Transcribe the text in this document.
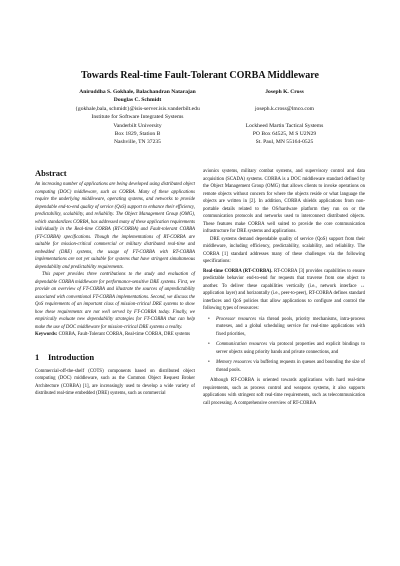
Towards Real-time Fault-Tolerant CORBA Middleware
Aniruddha S. Gokhale, Balachandran Natarajan
Douglas C. Schmidt
{gokhale,bala, schmidt}@isis-server.isis.vanderbilt.edu
Institute for Software Integrated Systems
Vanderbilt University
Box 1829, Station B
Nashville, TN 37235
Joseph K. Cross
joseph.k.cross@lmco.com
Lockheed Martin Tactical Systems
PO Box 64525, M S U2N29
St. Paul, MN 55164-0525
Abstract

An increasing number of applications are being developed using distributed object computing (DOC) middleware, such as CORBA. Many of these applications require the underlying middleware, operating systems, and networks to provide dependable end-to-end quality of service (QoS) support to enhance their efficiency, predictability, scalability, and reliability. The Object Management Group (OMG), which standardizes CORBA, has addressed many of these application requirements individually in the Real-time CORBA (RT-CORBA) and Fault-tolerant CORBA (FT-CORBA) specifications. Though the implementations of RT-CORBA are suitable for mission-critical commercial or military distributed real-time and embedded (DRE) systems, the usage of FT-CORBA with RT-CORBA implementations are not yet suitable for systems that have stringent simultaneous dependability and predictability requirements.

This paper provides three contributions to the study and evaluation of dependable CORBA middleware for performance-sensitive DRE systems. First, we provide an overview of FT-CORBA and illustrate the sources of unpredictability associated with conventional FT-CORBA implementations. Second, we discuss the QoS requirements of an important class of mission-critical DRE systems to show how these requirements are not well served by FT-CORBA today. Finally, we empirically evaluate new dependability strategies for FT-CORBA that can help make the use of DOC middleware for mission-critical DRE systems a reality.

Keywords: CORBA, Fault-Tolerant CORBA, Real-time CORBA, DRE systems

1 Introduction

Commercial-off-the-shelf (COTS) components based on distributed object computing (DOC) middleware, such as the Common Object Request Broker Architecture (CORBA) [1], are increasingly used to develop a wide variety of distributed real-time embedded (DRE) systems, such as commercial

avionics systems, military combat systems, and supervisory control and data acquisition (SCADA) systems. CORBA is a DOC middleware standard defined by the Object Management Group (OMG) that allows clients to invoke operations on remote objects without concern for where the objects reside or what language the objects are written in [2]. In addition, CORBA shields applications from non-portable details related to the OS/hardware platform they run on or the communication protocols and networks used to interconnect distributed objects. These features make CORBA well suited to provide the core communication infrastructure for DRE systems and applications.

DRE systems demand dependable quality of service (QoS) support from their middleware, including efficiency, predictability, scalability, and reliability. The CORBA [1] standard addresses many of these challenges via the following specifications:

Real-time CORBA (RT-CORBA). RT-CORBA [3] provides capabilities to ensure predictable behavior end-to-end for requests that traverse from one object to another. To deliver these capabilities vertically (i.e., network interface ↔ application layer) and horizontally (i.e., peer-to-peer), RT-CORBA defines standard interfaces and QoS policies that allow applications to configure and control the following types of resources:

• Processor resources via thread pools, priority mechanisms, intra-process mutexes, and a global scheduling service for real-time applications with fixed priorities,
• Communication resources via protocol properties and explicit bindings to server objects using priority bands and private connections, and
• Memory resources via buffering requests in queues and bounding the size of thread pools.

Although RT-CORBA is oriented towards applications with hard real-time requirements, such as process control and weapons systems, it also supports applications with stringent soft real-time requirements, such as telecommunication call processing. A comprehensive overview of RT-CORBA
